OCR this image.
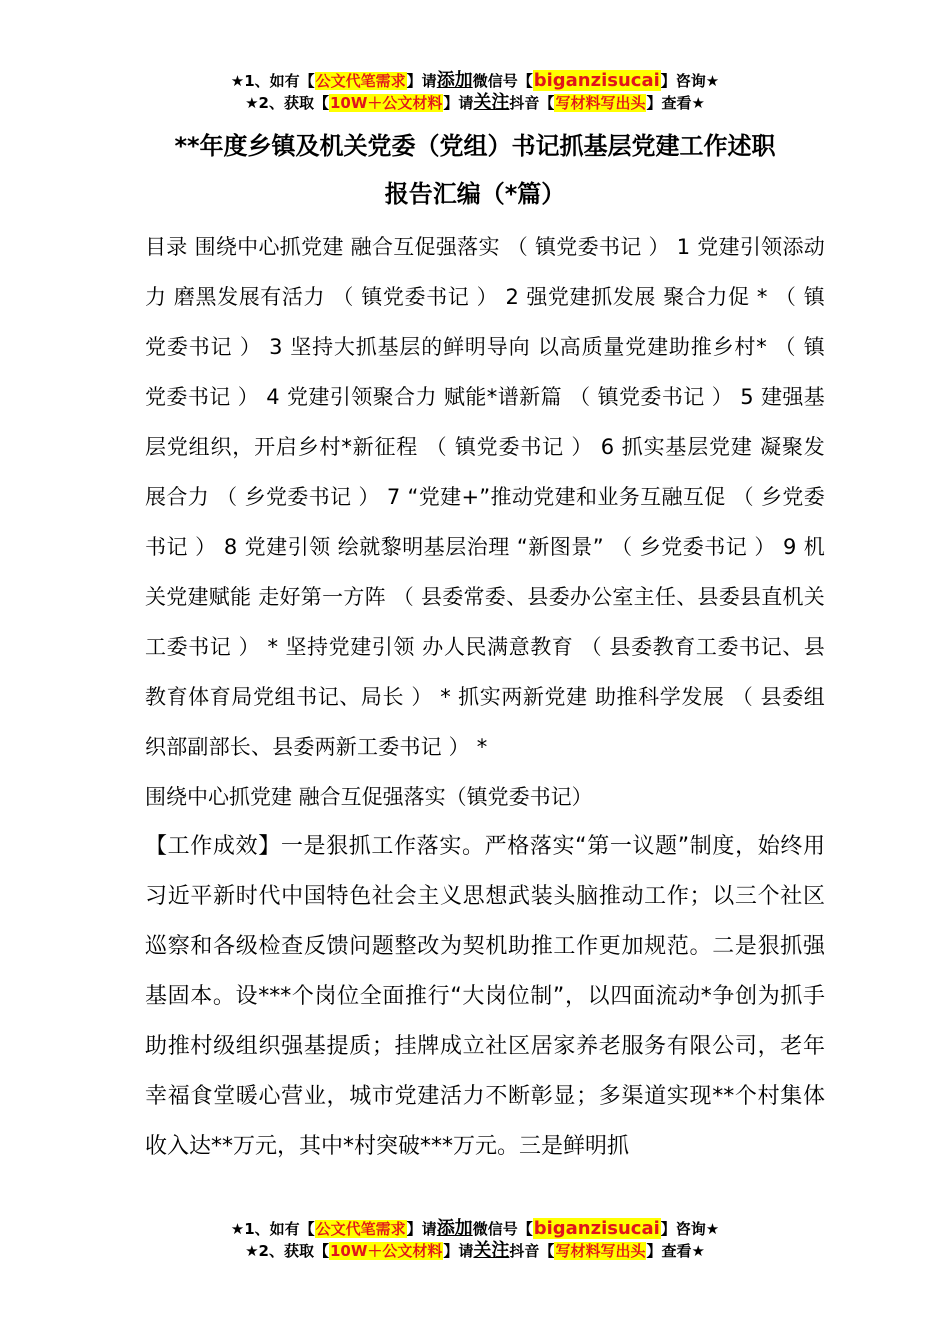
★1、如有【公文代笔需求】请添加微信号【biganzisucai】咨询★
★2、获取【10W＋公文材料】请关注抖音【写材料写出头】查看★
**年度乡镇及机关党委（党组）书记抓基层党建工作述职
报告汇编（*篇）

目录 围绕中心抓党建 融合互促强落实 （ 镇党委书记 ） 1 党建引领添动力 磨黑发展有活力 （ 镇党委书记 ） 2 强党建抓发展 聚合力促 * （ 镇党委书记 ） 3 坚持大抓基层的鲜明导向 以高质量党建助推乡村* （ 镇党委书记 ） 4 党建引领聚合力 赋能*谱新篇 （ 镇党委书记 ） 5 建强基层党组织，开启乡村*新征程 （ 镇党委书记 ） 6 抓实基层党建 凝聚发展合力 （ 乡党委书记 ） 7 “党建+”推动党建和业务互融互促 （ 乡党委书记 ） 8 党建引领 绘就黎明基层治理 “新图景” （ 乡党委书记 ） 9 机关党建赋能 走好第一方阵 （ 县委常委、县委办公室主任、县委县直机关工委书记 ） * 坚持党建引领 办人民满意教育 （ 县委教育工委书记、县教育体育局党组书记、局长 ） * 抓实两新党建 助推科学发展 （ 县委组织部副部长、县委两新工委书记 ） *

围绕中心抓党建 融合互促强落实（镇党委书记）

【工作成效】一是狠抓工作落实。严格落实“第一议题”制度，始终用习近平新时代中国特色社会主义思想武装头脑推动工作；以三个社区巡察和各级检查反馈问题整改为契机助推工作更加规范。二是狠抓强基固本。设***个岗位全面推行“大岗位制”，以四面流动*争创为抓手助推村级组织强基提质；挂牌成立社区居家养老服务有限公司，老年幸福食堂暖心营业，城市党建活力不断彰显；多渠道实现**个村集体收入达**万元，其中*村突破***万元。三是鲜明抓

★1、如有【公文代笔需求】请添加微信号【biganzisucai】咨询★
★2、获取【10W＋公文材料】请关注抖音【写材料写出头】查看★
